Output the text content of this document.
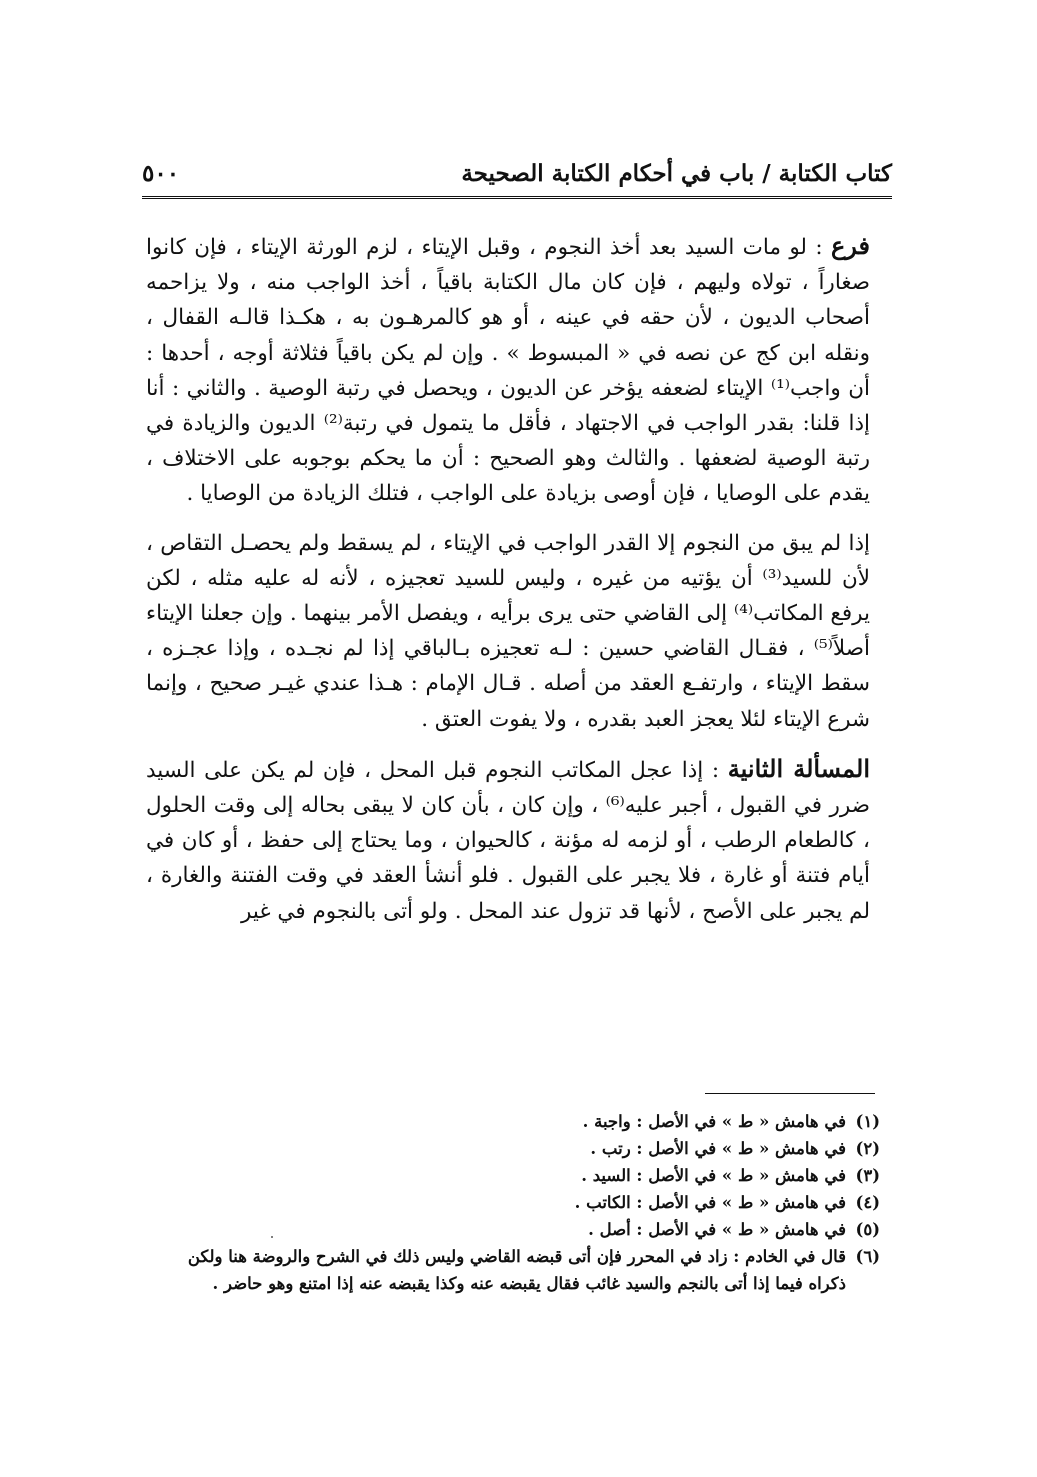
كتاب الكتابة / باب في أحكام الكتابة الصحيحة
٥٠٠

فرع : لو مات السيد بعد أخذ النجوم ، وقبل الإيتاء ، لزم الورثة الإيتاء ، فإن كانوا صغاراً ، تولاه وليهم ، فإن كان مال الكتابة باقياً ، أخذ الواجب منه ، ولا يزاحمه أصحاب الديون ، لأن حقه في عينه ، أو هو كالمرهـون به ، هكـذا قالـه القفال ، ونقله ابن كج عن نصه في « المبسوط » . وإن لم يكن باقياً فثلاثة أوجه ، أحدها : أن واجب⁽¹⁾ الإيتاء لضعفه يؤخر عن الديون ، ويحصل في رتبة الوصية . والثاني : أنا إذا قلنا: بقدر الواجب في الاجتهاد ، فأقل ما يتمول في رتبة⁽²⁾ الديون والزيادة في رتبة الوصية لضعفها . والثالث وهو الصحيح : أن ما يحكم بوجوبه على الاختلاف ، يقدم على الوصايا ، فإن أوصى بزيادة على الواجب ، فتلك الزيادة من الوصايا .

إذا لم يبق من النجوم إلا القدر الواجب في الإيتاء ، لم يسقط ولم يحصـل التقاص ، لأن للسيد⁽³⁾ أن يؤتيه من غيره ، وليس للسيد تعجيزه ، لأنه له عليه مثله ، لكن يرفع المكاتب⁽⁴⁾ إلى القاضي حتى يرى برأيه ، ويفصل الأمر بينهما . وإن جعلنا الإيتاء أصلاً⁽⁵⁾ ، فقـال القاضي حسين : لـه تعجيزه بـالباقي إذا لم نجـده ، وإذا عجـزه ، سقط الإيتاء ، وارتفـع العقد من أصله . قـال الإمام : هـذا عندي غيـر صحيح ، وإنما شرع الإيتاء لئلا يعجز العبد بقدره ، ولا يفوت العتق .

المسألة الثانية : إذا عجل المكاتب النجوم قبل المحل ، فإن لم يكن على السيد ضرر في القبول ، أجبر عليه⁽⁶⁾ ، وإن كان ، بأن كان لا يبقى بحاله إلى وقت الحلول ، كالطعام الرطب ، أو لزمه له مؤنة ، كالحيوان ، وما يحتاج إلى حفظ ، أو كان في أيام فتنة أو غارة ، فلا يجبر على القبول . فلو أنشأ العقد في وقت الفتنة والغارة ، لم يجبر على الأصح ، لأنها قد تزول عند المحل . ولو أتى بالنجوم في غير

(١)
في هامش « ط » في الأصل : واجبة .
(٢)
في هامش « ط » في الأصل : رتب .
(٣)
في هامش « ط » في الأصل : السيد .
(٤)
في هامش « ط » في الأصل : الكاتب .
(٥)
في هامش « ط » في الأصل : أصل .
(٦)
قال في الخادم : زاد في المحرر فإن أتى قبضه القاضي وليس ذلك في الشرح والروضة هنا ولكن ذكراه فيما إذا أتى بالنجم والسيد غائب فقال يقبضه عنه وكذا يقبضه عنه إذا امتنع وهو حاضر .
